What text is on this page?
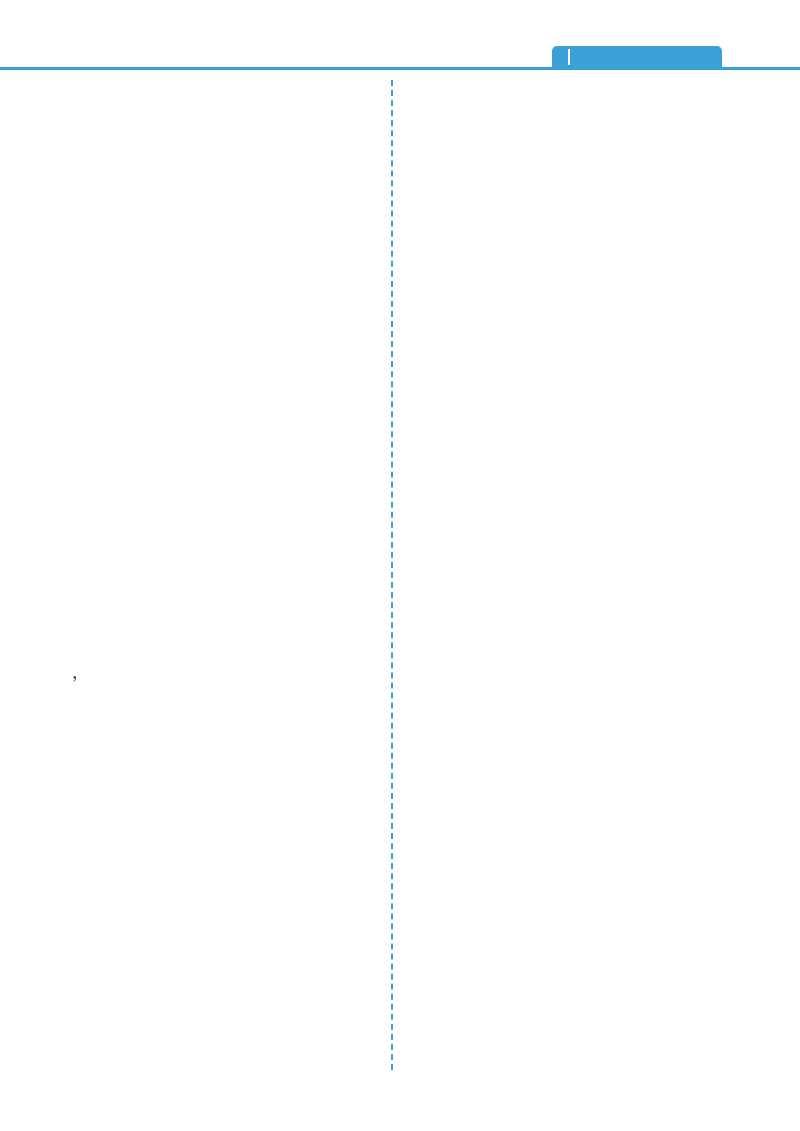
，
